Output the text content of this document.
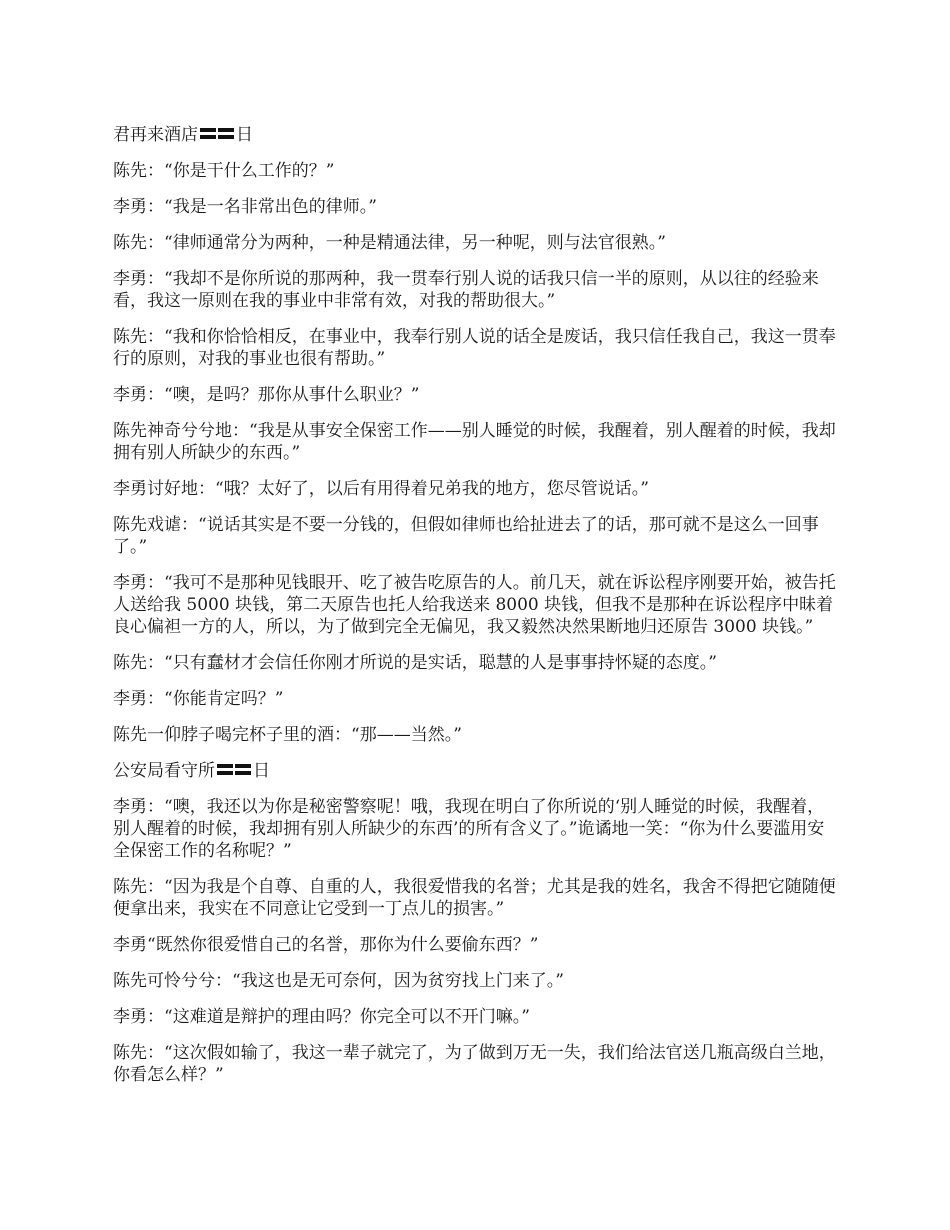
君再来酒店 日

陈先：“你是干什么工作的？”

李勇：“我是一名非常出色的律师。”

陈先：“律师通常分为两种，一种是精通法律，另一种呢，则与法官很熟。”

李勇：“我却不是你所说的那两种，我一贯奉行别人说的话我只信一半的原则，从以往的经验来看，我这一原则在我的事业中非常有效，对我的帮助很大。”

陈先：“我和你恰恰相反，在事业中，我奉行别人说的话全是废话，我只信任我自己，我这一贯奉行的原则，对我的事业也很有帮助。”

李勇：“噢，是吗？那你从事什么职业？”

陈先神奇兮兮地：“我是从事安全保密工作——别人睡觉的时候，我醒着，别人醒着的时候，我却拥有别人所缺少的东西。”

李勇讨好地：“哦？太好了，以后有用得着兄弟我的地方，您尽管说话。”

陈先戏谑：“说话其实是不要一分钱的，但假如律师也给扯进去了的话，那可就不是这么一回事了。”

李勇：“我可不是那种见钱眼开、吃了被告吃原告的人。前几天，就在诉讼程序刚要开始，被告托人送给我 5000 块钱，第二天原告也托人给我送来 8000 块钱，但我不是那种在诉讼程序中昧着良心偏袒一方的人，所以，为了做到完全无偏见，我又毅然决然果断地归还原告 3000 块钱。”

陈先：“只有蠢材才会信任你刚才所说的是实话，聪慧的人是事事持怀疑的态度。”

李勇：“你能肯定吗？”

陈先一仰脖子喝完杯子里的酒：“那——当然。”

公安局看守所 日

李勇：“噢，我还以为你是秘密警察呢！哦，我现在明白了你所说的‘别人睡觉的时候，我醒着，别人醒着的时候，我却拥有别人所缺少的东西’的所有含义了。”诡谲地一笑：“你为什么要滥用安全保密工作的名称呢？”

陈先：“因为我是个自尊、自重的人，我很爱惜我的名誉；尤其是我的姓名，我舍不得把它随随便便拿出来，我实在不同意让它受到一丁点儿的损害。”

李勇“既然你很爱惜自己的名誉，那你为什么要偷东西？”

陈先可怜兮兮：“我这也是无可奈何，因为贫穷找上门来了。”

李勇：“这难道是辩护的理由吗？你完全可以不开门嘛。”

陈先：“这次假如输了，我这一辈子就完了，为了做到万无一失，我们给法官送几瓶高级白兰地，你看怎么样？”
